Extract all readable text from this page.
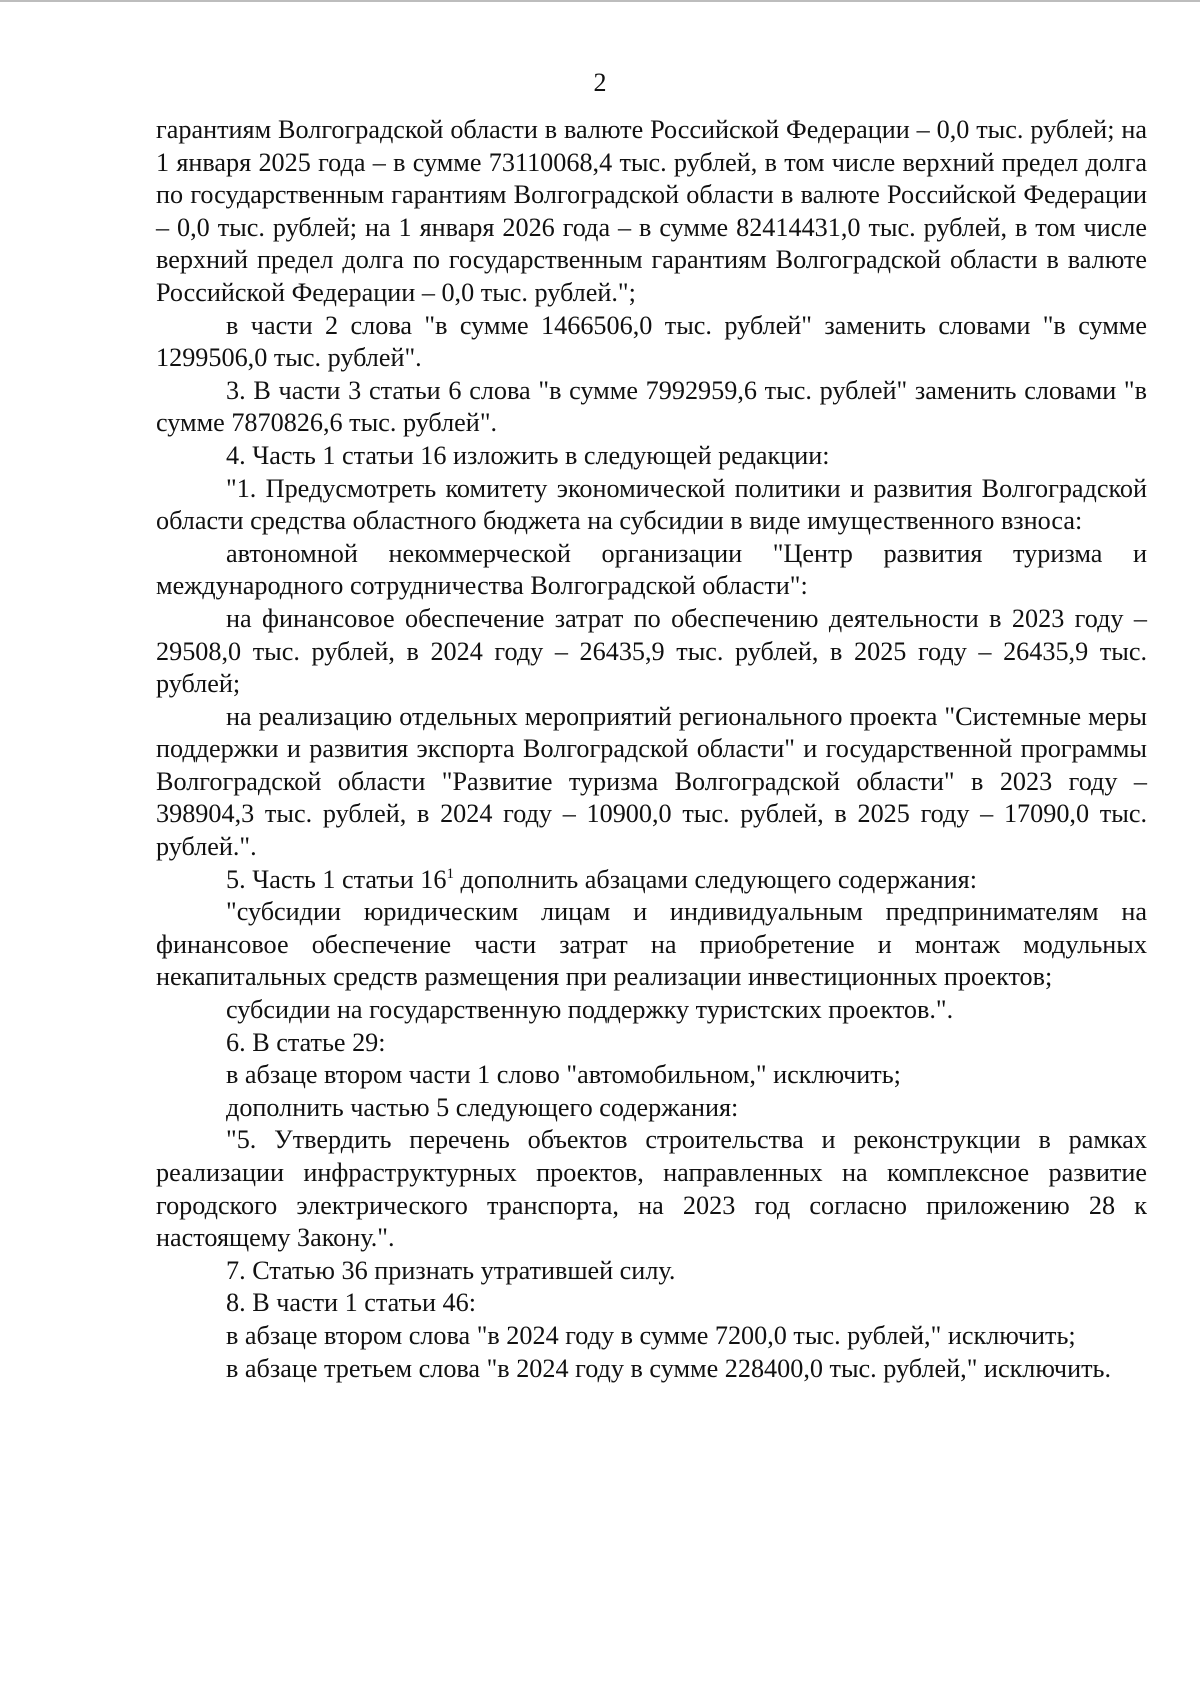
2

гарантиям Волгоградской области в валюте Российской Федерации – 0,0 тыс. рублей; на 1 января 2025 года – в сумме 73110068,4 тыс. рублей, в том числе верхний предел долга по государственным гарантиям Волгоградской области в валюте Российской Федерации – 0,0 тыс. рублей; на 1 января 2026 года – в сумме 82414431,0 тыс. рублей, в том числе верхний предел долга по государственным гарантиям Волгоградской области в валюте Российской Федерации – 0,0 тыс. рублей.";

в части 2 слова "в сумме 1466506,0 тыс. рублей" заменить словами "в сумме 1299506,0 тыс. рублей".

3. В части 3 статьи 6 слова "в сумме 7992959,6 тыс. рублей" заменить словами "в сумме 7870826,6 тыс. рублей".

4. Часть 1 статьи 16 изложить в следующей редакции:

"1. Предусмотреть комитету экономической политики и развития Волгоградской области средства областного бюджета на субсидии в виде имущественного взноса:

автономной некоммерческой организации "Центр развития туризма и международного сотрудничества Волгоградской области":

на финансовое обеспечение затрат по обеспечению деятельности в 2023 году – 29508,0 тыс. рублей, в 2024 году – 26435,9 тыс. рублей, в 2025 году – 26435,9 тыс. рублей;

на реализацию отдельных мероприятий регионального проекта "Системные меры поддержки и развития экспорта Волгоградской области" и государственной программы Волгоградской области "Развитие туризма Волгоградской области" в 2023 году – 398904,3 тыс. рублей, в 2024 году – 10900,0 тыс. рублей, в 2025 году – 17090,0 тыс. рублей.".

5. Часть 1 статьи $16^1$ дополнить абзацами следующего содержания:

"субсидии юридическим лицам и индивидуальным предпринимателям на финансовое обеспечение части затрат на приобретение и монтаж модульных некапитальных средств размещения при реализации инвестиционных проектов;

субсидии на государственную поддержку туристских проектов.".

6. В статье 29:

в абзаце втором части 1 слово "автомобильном," исключить;

дополнить частью 5 следующего содержания:

"5. Утвердить перечень объектов строительства и реконструкции в рамках реализации инфраструктурных проектов, направленных на комплексное развитие городского электрического транспорта, на 2023 год согласно приложению 28 к настоящему Закону.".

7. Статью 36 признать утратившей силу.

8. В части 1 статьи 46:

в абзаце втором слова "в 2024 году в сумме 7200,0 тыс. рублей," исключить;

в абзаце третьем слова "в 2024 году в сумме 228400,0 тыс. рублей," исключить.
